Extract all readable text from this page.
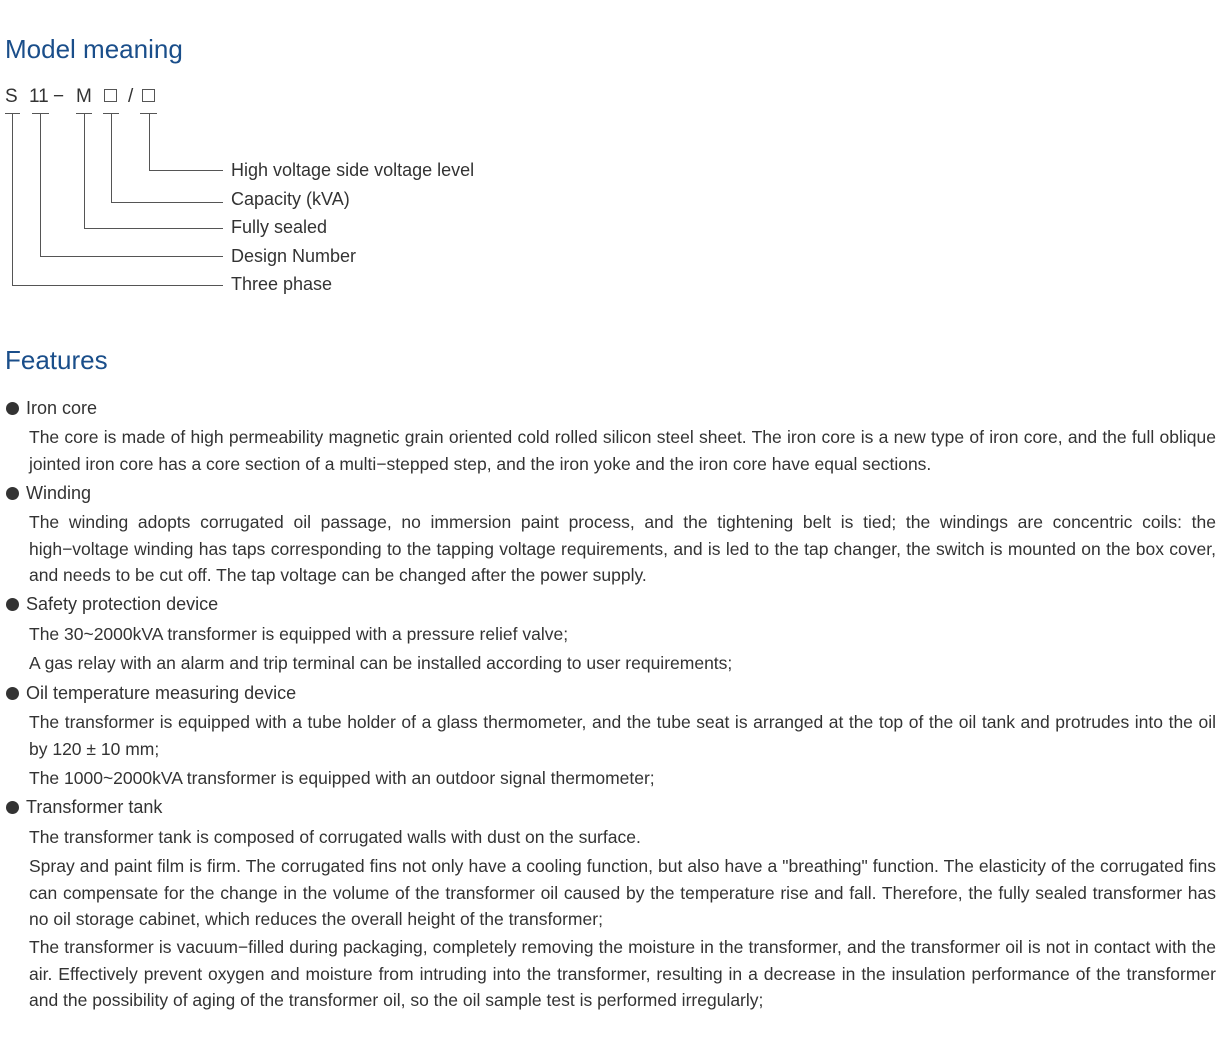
Model meaning
S 11 − M /
High voltage side voltage level
Capacity (kVA)
Fully sealed
Design Number
Three phase
Features
Iron core

The core is made of high permeability magnetic grain oriented cold rolled silicon steel sheet. The iron core is a new type of iron core, and the full oblique jointed iron core has a core section of a multi−stepped step, and the iron yoke and the iron core have equal sections.

Winding

The winding adopts corrugated oil passage, no immersion paint process, and the tightening belt is tied; the windings are concentric coils: the high−voltage winding has taps corresponding to the tapping voltage requirements, and is led to the tap changer, the switch is mounted on the box cover, and needs to be cut off. The tap voltage can be changed after the power supply.

Safety protection device

The 30~2000kVA transformer is equipped with a pressure relief valve;

A gas relay with an alarm and trip terminal can be installed according to user requirements;

Oil temperature measuring device

The transformer is equipped with a tube holder of a glass thermometer, and the tube seat is arranged at the top of the oil tank and protrudes into the oil by 120 ± 10 mm;

The 1000~2000kVA transformer is equipped with an outdoor signal thermometer;

Transformer tank

The transformer tank is composed of corrugated walls with dust on the surface.

Spray and paint film is firm. The corrugated fins not only have a cooling function, but also have a "breathing" function. The elasticity of the corrugated fins can compensate for the change in the volume of the transformer oil caused by the temperature rise and fall. Therefore, the fully sealed transformer has no oil storage cabinet, which reduces the overall height of the transformer;

The transformer is vacuum−filled during packaging, completely removing the moisture in the transformer, and the transformer oil is not in contact with the air. Effectively prevent oxygen and moisture from intruding into the transformer, resulting in a decrease in the insulation performance of the transformer and the possibility of aging of the transformer oil, so the oil sample test is performed irregularly;
